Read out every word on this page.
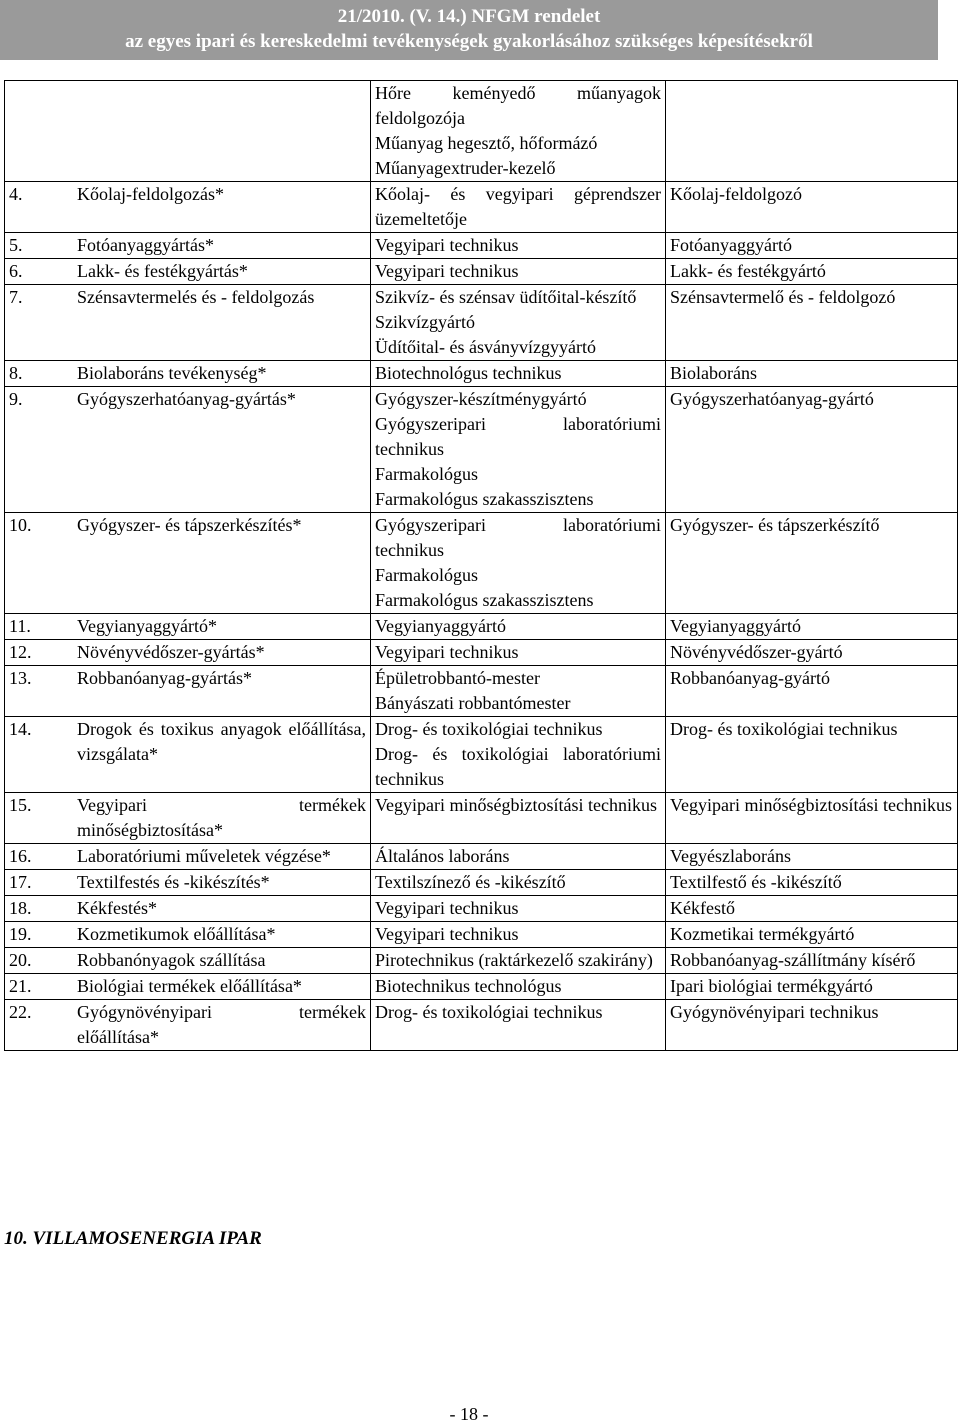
21/2010. (V. 14.) NFGM rendelet
az egyes ipari és kereskedelmi tevékenységek gyakorlásához szükséges képesítésekről

	Hőre keményedő műanyagok feldolgozója
Műanyag hegesztő, hőformázó
Műanyagextruder-kezelő	

4. Kőolaj-feldolgozás*	Kőolaj- és vegyipari géprendszer üzemeltetője	Kőolaj-feldolgozó

5. Fotóanyaggyártás*	Vegyipari technikus	Fotóanyaggyártó

6. Lakk- és festékgyártás*	Vegyipari technikus	Lakk- és festékgyártó

7. Szénsavtermelés és - feldolgozás	Szikvíz- és szénsav üdítőital-készítő
Szikvízgyártó
Üdítőital- és ásványvízgyyártó	Szénsavtermelő és - feldolgozó

8. Biolaboráns tevékenység*	Biotechnológus technikus	Biolaboráns

9. Gyógyszerhatóanyag-gyártás*	Gyógyszer-készítménygyártó
Gyógyszeripari laboratóriumi technikus
Farmakológus
Farmakológus szakasszisztens	Gyógyszerhatóanyag-gyártó

10. Gyógyszer- és tápszerkészítés*	Gyógyszeripari laboratóriumi technikus
Farmakológus
Farmakológus szakasszisztens	Gyógyszer- és tápszerkészítő

11. Vegyianyaggyártó*	Vegyianyaggyártó	Vegyianyaggyártó

12. Növényvédőszer-gyártás*	Vegyipari technikus	Növényvédőszer-gyártó

13. Robbanóanyag-gyártás*	Épületrobbantó-mester
Bányászati robbantómester	Robbanóanyag-gyártó

14. Drogok és toxikus anyagok előállítása, vizsgálata*	Drog- és toxikológiai technikus
Drog- és toxikológiai laboratóriumi technikus	Drog- és toxikológiai technikus

15. Vegyipari termékek minőségbiztosítása*	Vegyipari minőségbiztosítási technikus	Vegyipari minőségbiztosítási technikus

16. Laboratóriumi műveletek végzése*	Általános laboráns	Vegyészlaboráns

17. Textilfestés és -kikészítés*	Textilszínező és -kikészítő	Textilfestő és -kikészítő

18. Kékfestés*	Vegyipari technikus	Kékfestő

19. Kozmetikumok előállítása*	Vegyipari technikus	Kozmetikai termékgyártó

20. Robbanónyagok szállítása	Pirotechnikus (raktárkezelő szakirány)	Robbanóanyag-szállítmány kísérő

21. Biológiai termékek előállítása*	Biotechnikus technológus	Ipari biológiai termékgyártó

22. Gyógynövényipari termékek előállítása*	Drog- és toxikológiai technikus	Gyógynövényipari technikus
10. VILLAMOSENERGIA IPAR
- 18 -
